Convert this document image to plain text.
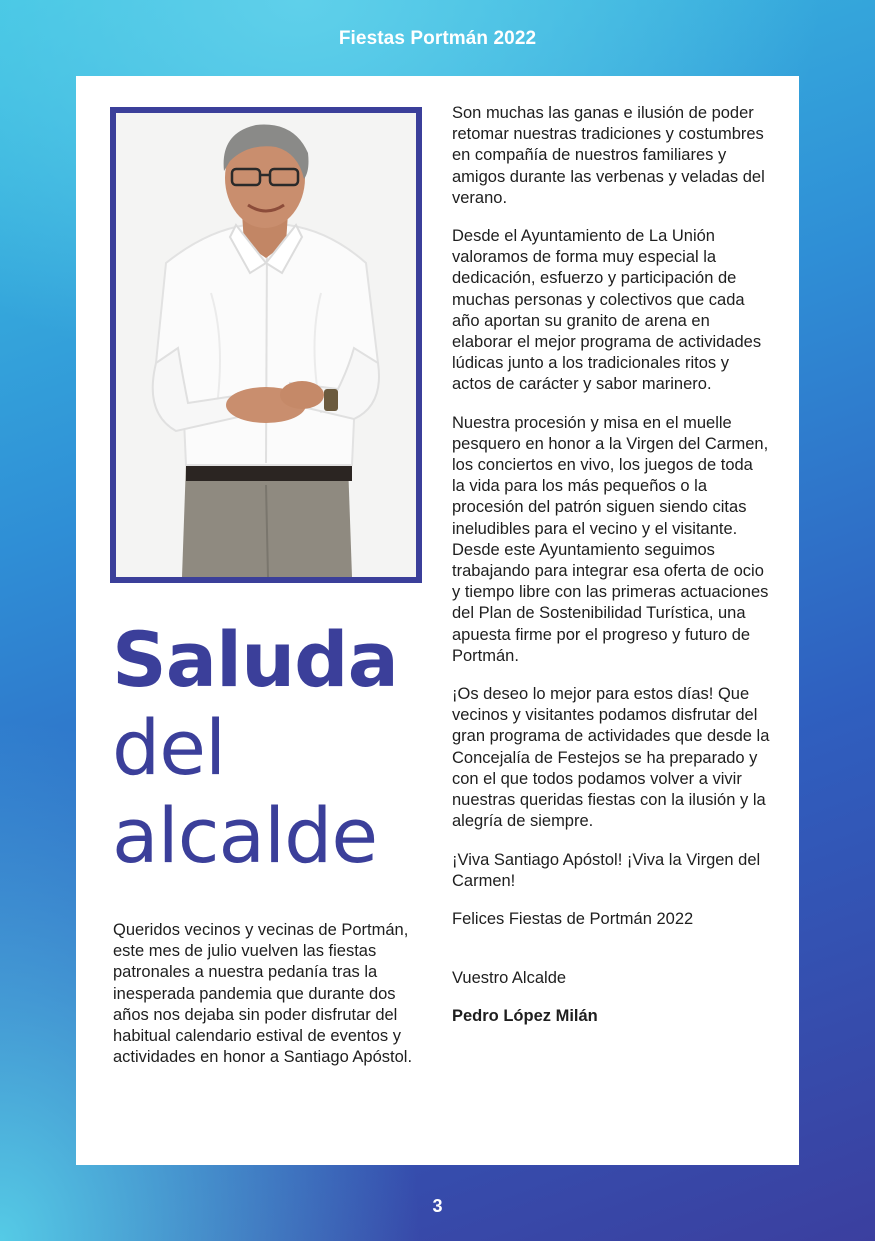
Fiestas Portmán 2022
Saluda
del
alcalde
Queridos vecinos y vecinas de Portmán, este mes de julio vuelven las fiestas patronales a nuestra pedanía tras la inesperada pandemia que durante dos años nos dejaba sin poder disfrutar del habitual calendario estival de eventos y actividades en honor a Santiago Apóstol.

Son muchas las ganas e ilusión de poder retomar nuestras tradiciones y costumbres en compañía de nuestros familiares y amigos durante las verbenas y veladas del verano.

Desde el Ayuntamiento de La Unión valoramos de forma muy especial la dedicación, esfuerzo y participación de muchas personas y colectivos que cada año aportan su granito de arena en elaborar el mejor programa de actividades lúdicas junto a los tradicionales ritos y actos de carácter y sabor marinero.

Nuestra procesión y misa en el muelle pesquero en honor a la Virgen del Carmen, los conciertos en vivo, los juegos de toda la vida para los más pequeños o la procesión del patrón siguen siendo citas ineludibles para el vecino y el visitante. Desde este Ayuntamiento seguimos trabajando para integrar esa oferta de ocio y tiempo libre con las primeras actuaciones del Plan de Sostenibilidad Turística, una apuesta firme por el progreso y futuro de Portmán.

¡Os deseo lo mejor para estos días! Que vecinos y visitantes podamos disfrutar del gran programa de actividades que desde la Concejalía de Festejos se ha preparado y con el que todos podamos volver a vivir nuestras queridas fiestas con la ilusión y la alegría de siempre.

¡Viva Santiago Apóstol! ¡Viva la Virgen del Carmen!

Felices Fiestas de Portmán 2022

Vuestro Alcalde

Pedro López Milán

3
